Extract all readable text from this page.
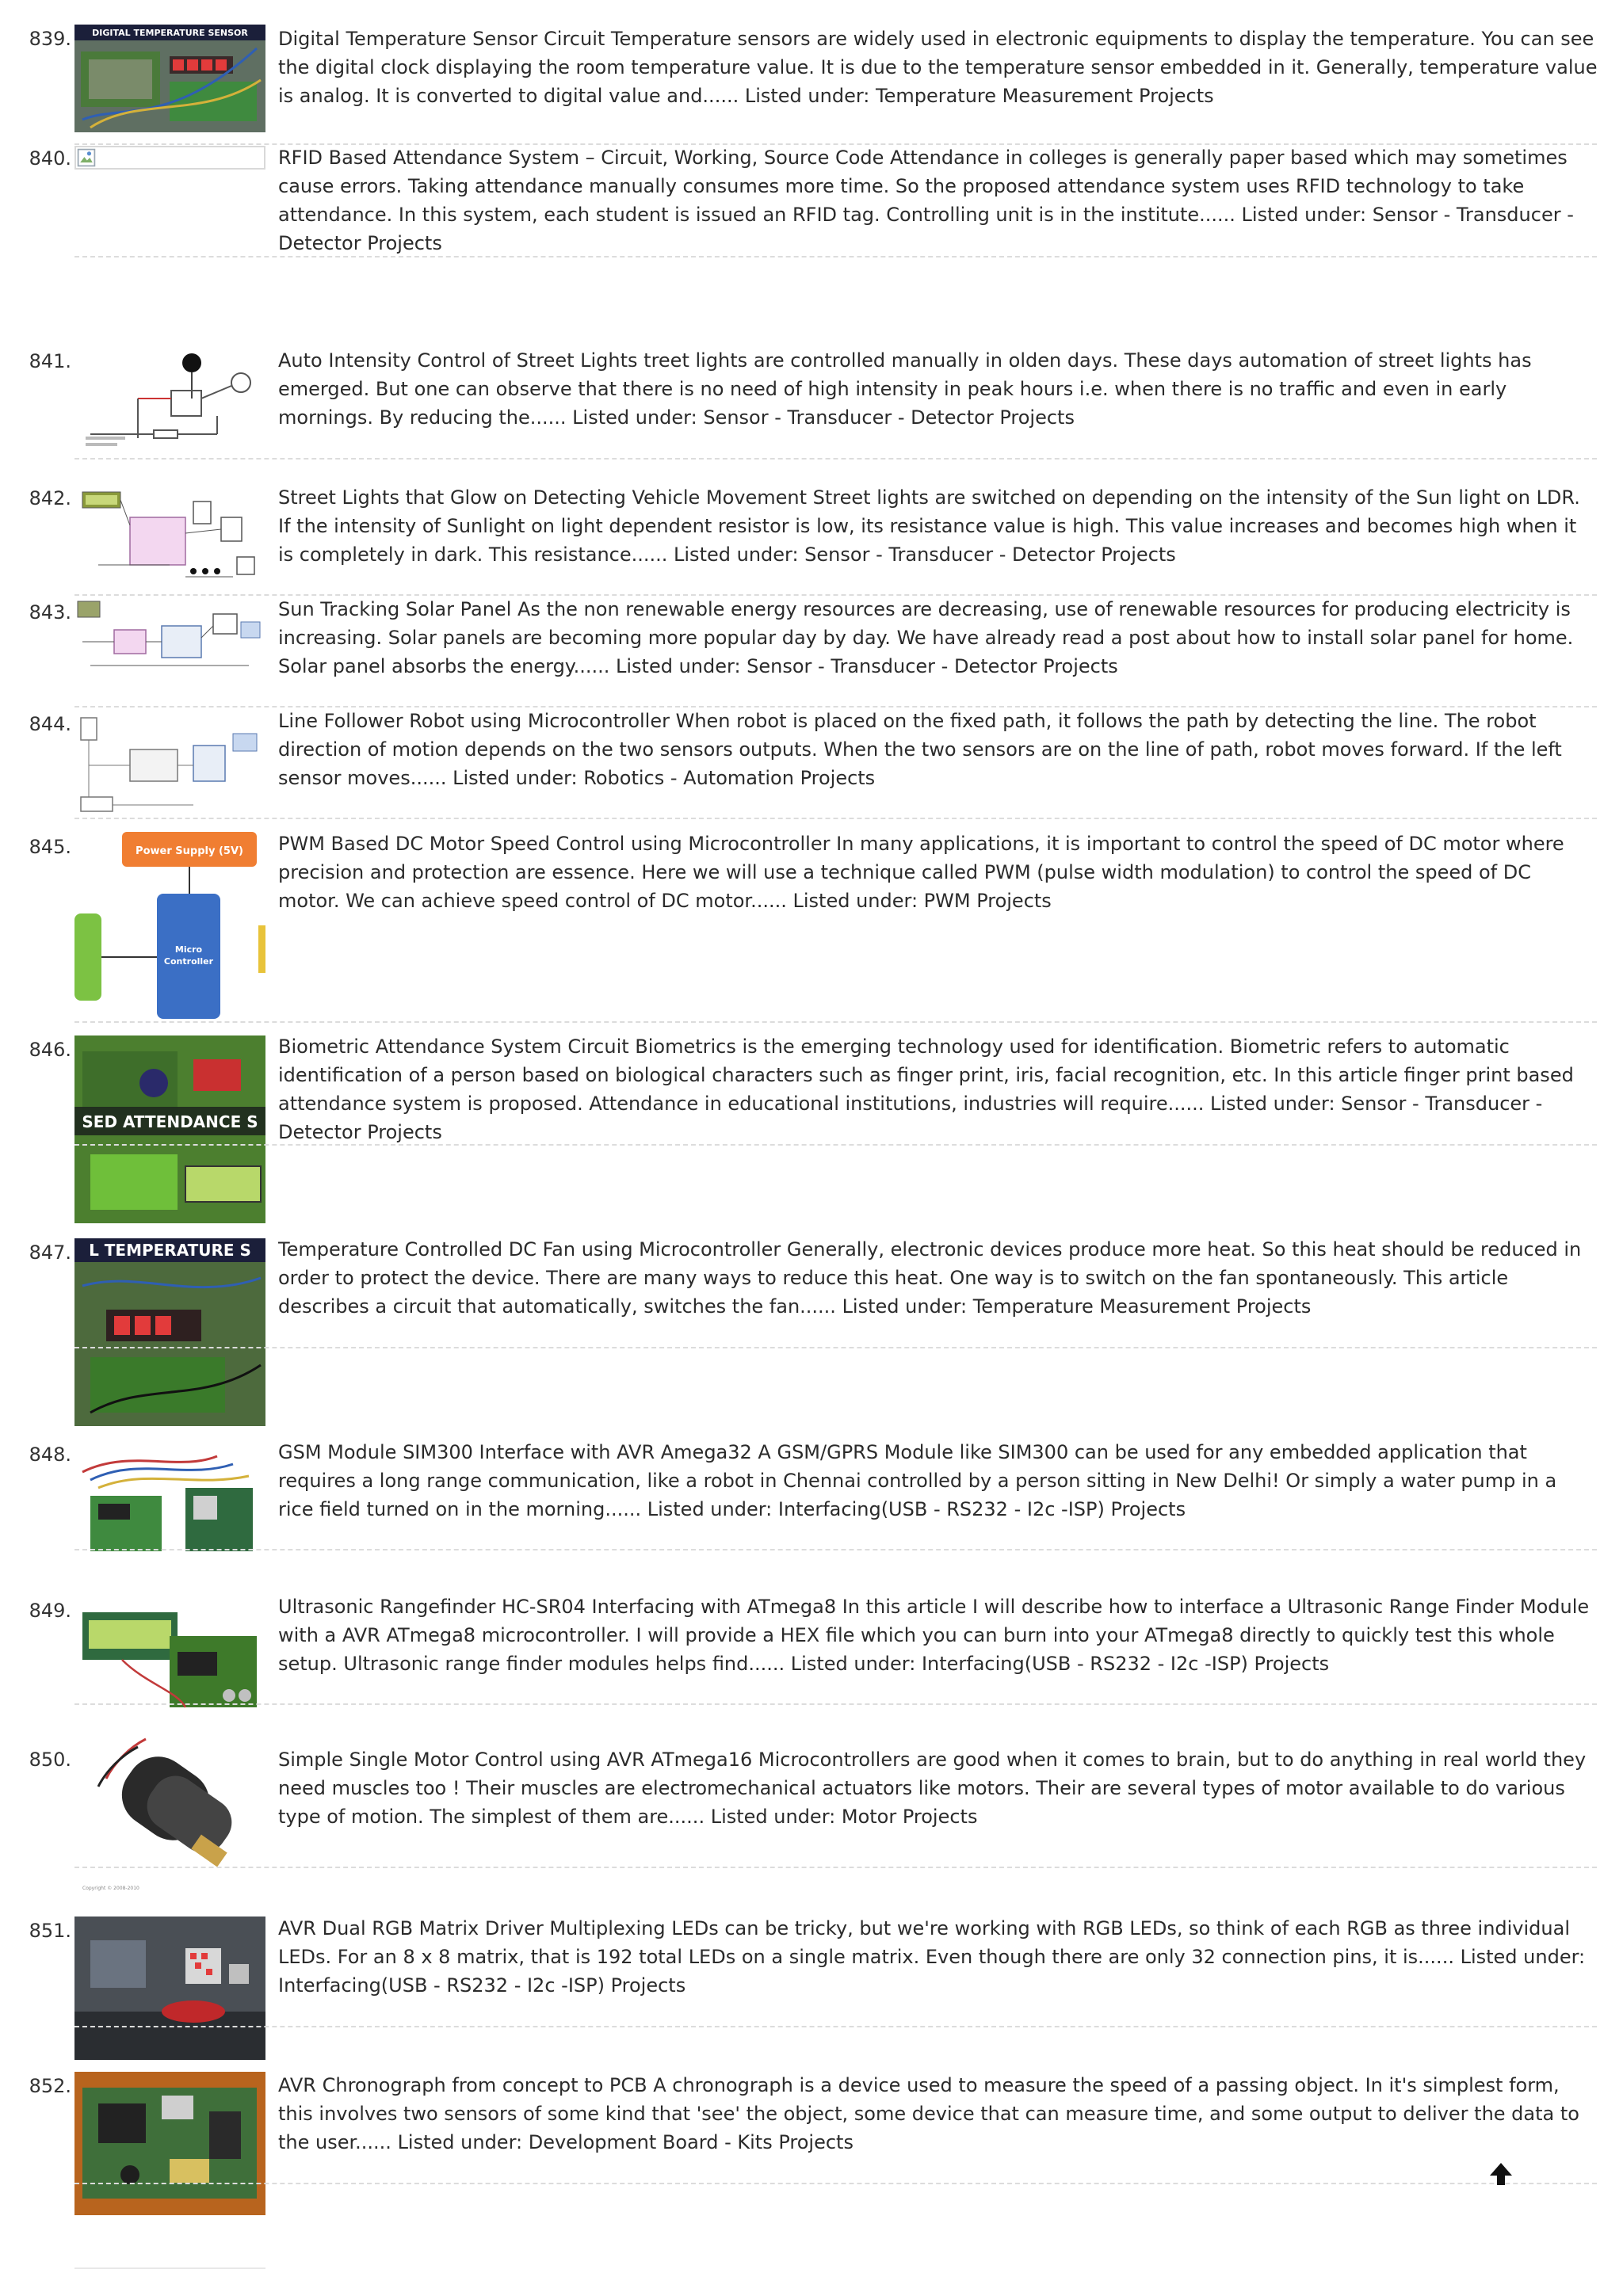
839. DIGITAL TEMPERATURE SENSOR Digital Temperature Sensor Circuit Temperature sensors are widely used in electronic equipments to display the temperature. You can see the digital clock displaying the room temperature value. It is due to the temperature sensor embedded in it. Generally, temperature value is analog. It is converted to digital value and...... Listed under: Temperature Measurement Projects
840.	RFID Based Attendance System – Circuit, Working, Source Code Attendance in colleges is generally paper based which may sometimes cause errors. Taking attendance manually consumes more time. So the proposed attendance system uses RFID technology to take attendance. In this system, each student is issued an RFID tag. Controlling unit is in the institute...... Listed under: Sensor - Transducer - Detector Projects
841.	Auto Intensity Control of Street Lights treet lights are controlled manually in olden days. These days automation of street lights has emerged. But one can observe that there is no need of high intensity in peak hours i.e. when there is no traffic and even in early mornings. By reducing the...... Listed under: Sensor - Transducer - Detector Projects
842.	Street Lights that Glow on Detecting Vehicle Movement Street lights are switched on depending on the intensity of the Sun light on LDR. If the intensity of Sunlight on light dependent resistor is low, its resistance value is high. This value increases and becomes high when it is completely in dark. This resistance...... Listed under: Sensor - Transducer - Detector Projects
843.	Sun Tracking Solar Panel As the non renewable energy resources are decreasing, use of renewable resources for producing electricity is increasing. Solar panels are becoming more popular day by day. We have already read a post about how to install solar panel for home. Solar panel absorbs the energy...... Listed under: Sensor - Transducer - Detector Projects
844.	Line Follower Robot using Microcontroller When robot is placed on the fixed path, it follows the path by detecting the line. The robot direction of motion depends on the two sensors outputs. When the two sensors are on the line of path, robot moves forward. If the left sensor moves...... Listed under: Robotics - Automation Projects
845.	Power Supply (5V)
Micro
Controller
PWM Based DC Motor Speed Control using Microcontroller In many applications, it is important to control the speed of DC motor where precision and protection are essence. Here we will use a technique called PWM (pulse width modulation) to control the speed of DC motor. We can achieve speed control of DC motor...... Listed under: PWM Projects
846.
SED ATTENDANCE S
Biometric Attendance System Circuit Biometrics is the emerging technology used for identification. Biometric refers to automatic identification of a person based on biological characters such as finger print, iris, facial recognition, etc. In this article finger print based attendance system is proposed. Attendance in educational institutions, industries will require...... Listed under: Sensor - Transducer - Detector Projects
847. L TEMPERATURE S Temperature Controlled DC Fan using Microcontroller Generally, electronic devices produce more heat. So this heat should be reduced in order to protect the device. There are many ways to reduce this heat. One way is to switch on the fan spontaneously. This article describes a circuit that automatically, switches the fan...... Listed under: Temperature Measurement Projects
848.	GSM Module SIM300 Interface with AVR Amega32 A GSM/GPRS Module like SIM300 can be used for any embedded application that requires a long range communication, like a robot in Chennai controlled by a person sitting in New Delhi! Or simply a water pump in a rice field turned on in the morning...... Listed under: Interfacing(USB - RS232 - I2c -ISP) Projects
849.	Ultrasonic Rangefinder HC-SR04 Interfacing with ATmega8 In this article I will describe how to interface a Ultrasonic Range Finder Module with a AVR ATmega8 microcontroller. I will provide a HEX file which you can burn into your ATmega8 directly to quickly test this whole setup. Ultrasonic range finder modules helps find...... Listed under: Interfacing(USB - RS232 - I2c -ISP) Projects
850.
Copyright © 2008-2010
Simple Single Motor Control using AVR ATmega16 Microcontrollers are good when it comes to brain, but to do anything in real world they need muscles too ! Their muscles are electromechanical actuators like motors. Their are several types of motor available to do various type of motion. The simplest of them are...... Listed under: Motor Projects
851.	AVR Dual RGB Matrix Driver Multiplexing LEDs can be tricky, but we're working with RGB LEDs, so think of each RGB as three individual LEDs. For an 8 x 8 matrix, that is 192 total LEDs on a single matrix. Even though there are only 32 connection pins, it is...... Listed under: Interfacing(USB - RS232 - I2c -ISP) Projects
852.	AVR Chronograph from concept to PCB A chronograph is a device used to measure the speed of a passing object. In it's simplest form, this involves two sensors of some kind that 'see' the object, some device that can measure time, and some output to deliver the data to the user...... Listed under: Development Board - Kits Projects
